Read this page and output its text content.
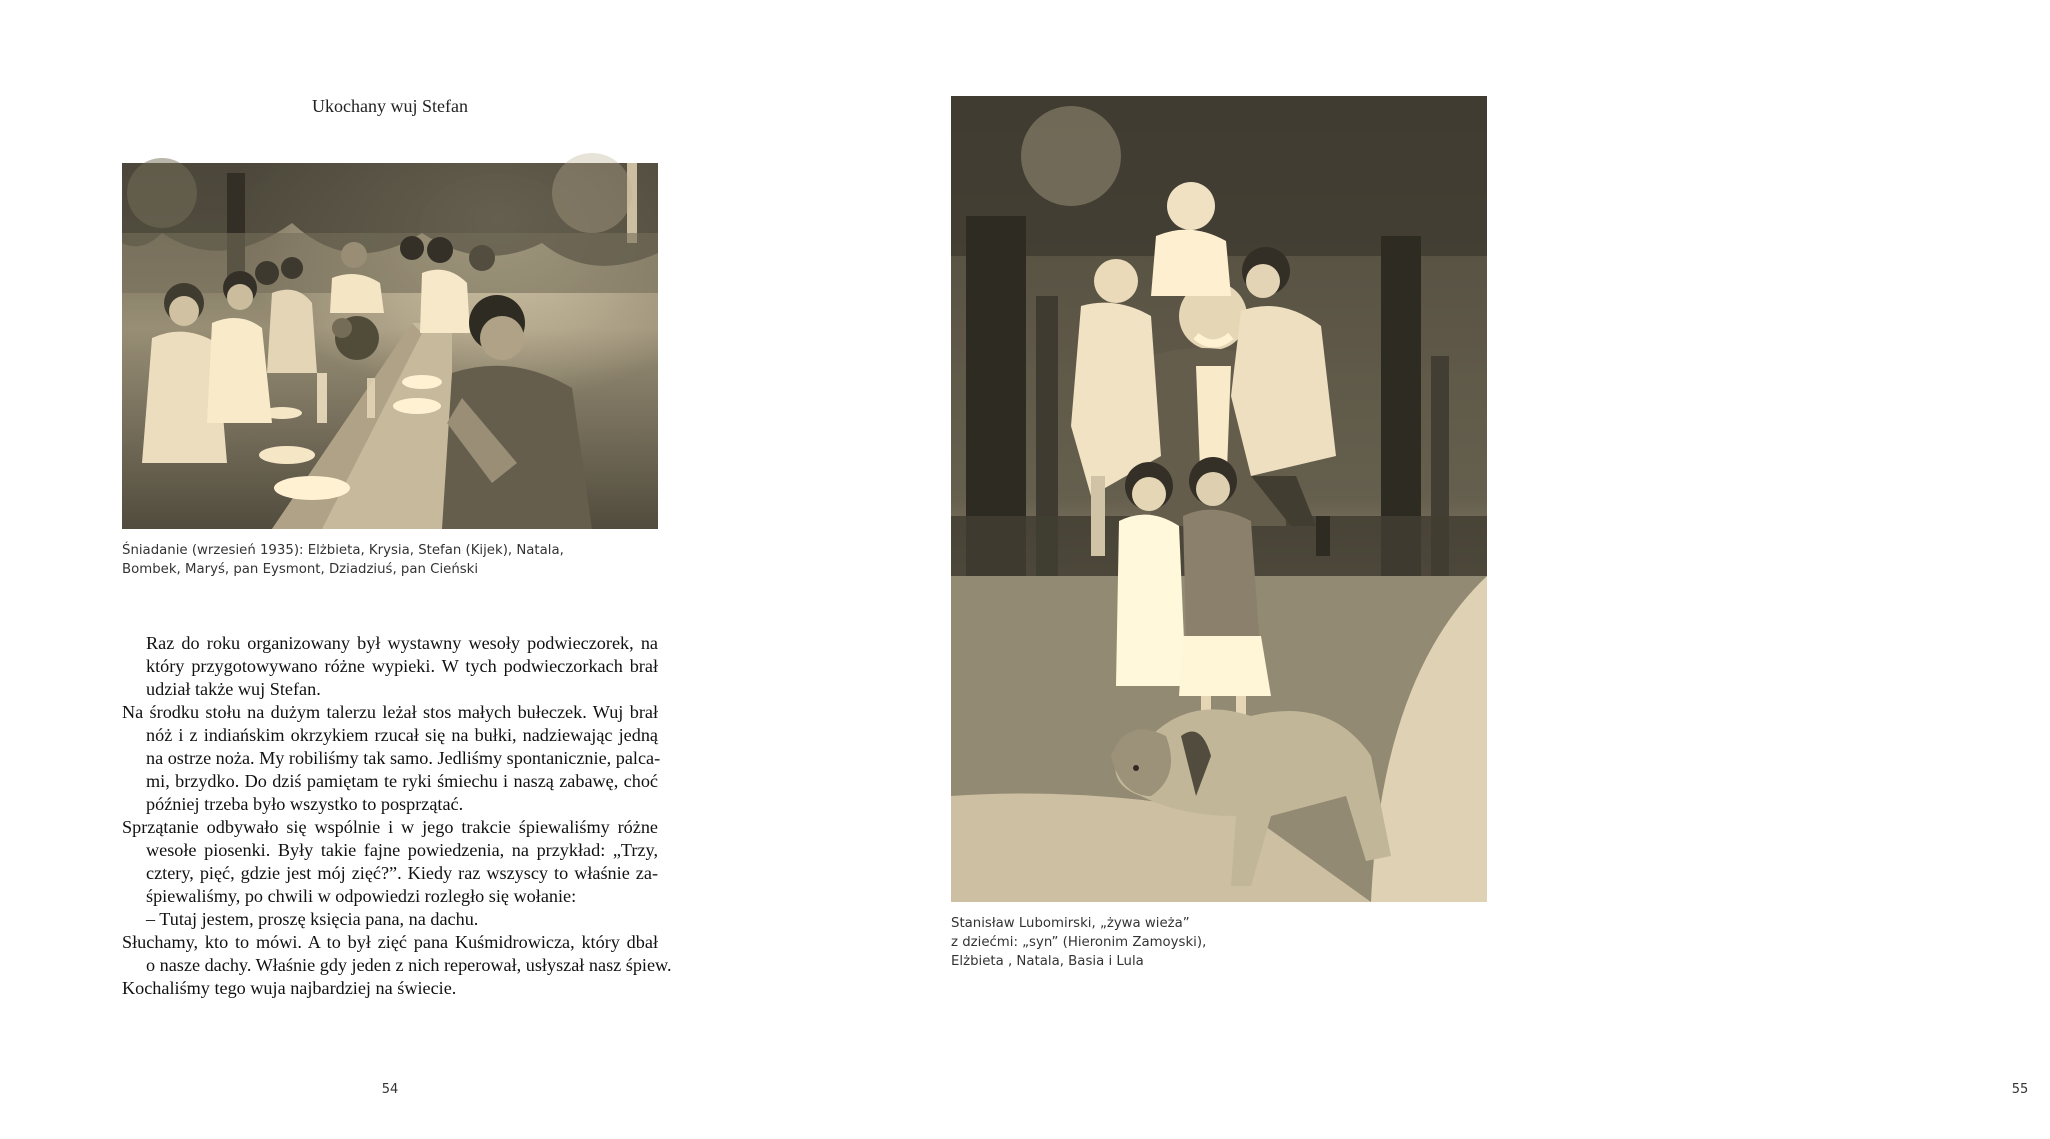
Ukochany wuj Stefan
Śniadanie (wrzesień 1935): Elżbieta, Krysia, Stefan (Kijek), Natala,
Bombek, Maryś, pan Eysmont, Dziadziuś, pan Cieński
Raz do roku organizowany był wystawny wesoły podwieczorek, na
który przygotowywano różne wypieki. W tych podwieczorkach brał
udział także wuj Stefan.
Na środku stołu na dużym talerzu leżał stos małych bułeczek. Wuj brał
nóż i z indiańskim okrzykiem rzucał się na bułki, nadziewając jedną
na ostrze noża. My robiliśmy tak samo. Jedliśmy spontanicznie, palca-
mi, brzydko. Do dziś pamiętam te ryki śmiechu i naszą zabawę, choć
później trzeba było wszystko to posprzątać.
Sprzątanie odbywało się wspólnie i w jego trakcie śpiewaliśmy różne
wesołe piosenki. Były takie fajne powiedzenia, na przykład: „Trzy,
cztery, pięć, gdzie jest mój zięć?”. Kiedy raz wszyscy to właśnie za-
śpiewaliśmy, po chwili w odpowiedzi rozległo się wołanie:
– Tutaj jestem, proszę księcia pana, na dachu.
Słuchamy, kto to mówi. A to był zięć pana Kuśmidrowicza, który dbał
o nasze dachy. Właśnie gdy jeden z nich reperował, usłyszał nasz śpiew.
Kochaliśmy tego wuja najbardziej na świecie.
54
Stanisław Lubomirski, „żywa wieża”
z dziećmi: „syn” (Hieronim Zamoyski),
Elżbieta , Natala, Basia i Lula
55
